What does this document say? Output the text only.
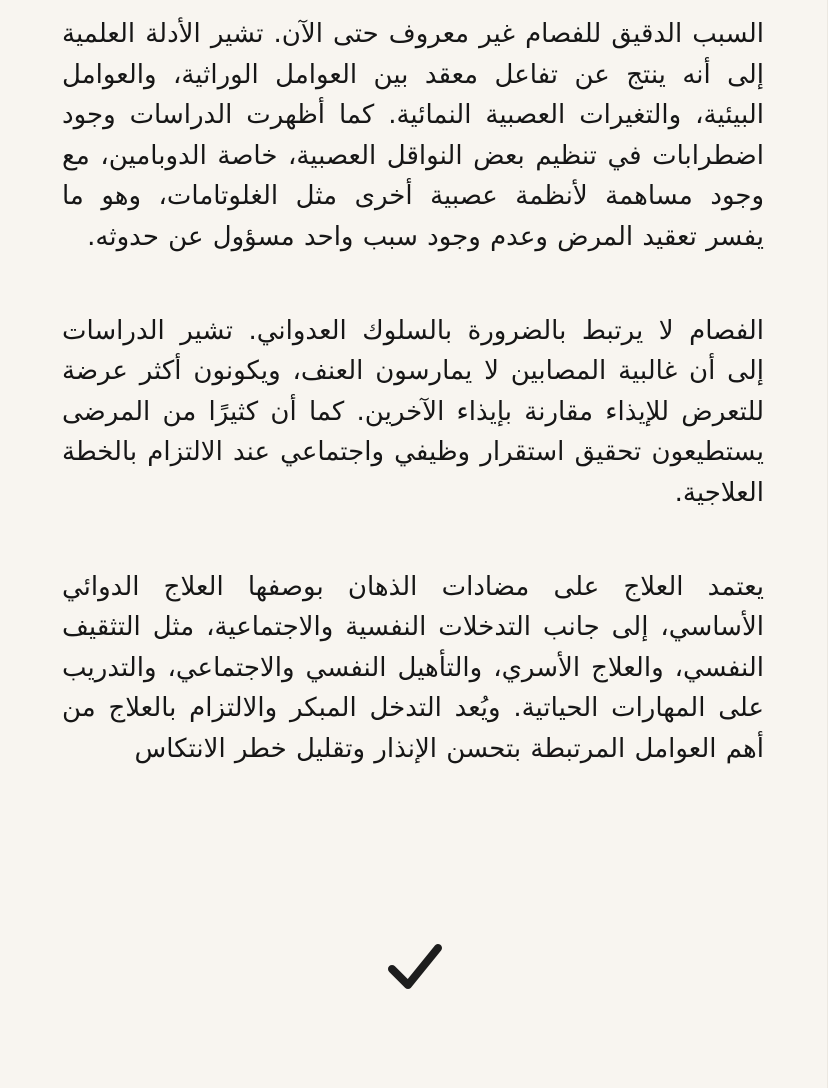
السبب الدقيق للفصام غير معروف حتى الآن. تشير الأدلة العلمية إلى أنه ينتج عن تفاعل معقد بين العوامل الوراثية، والعوامل البيئية، والتغيرات العصبية النمائية. كما أظهرت الدراسات وجود اضطرابات في تنظيم بعض النواقل العصبية، خاصة الدوبامين، مع وجود مساهمة لأنظمة عصبية أخرى مثل الغلوتامات، وهو ما يفسر تعقيد المرض وعدم وجود سبب واحد مسؤول عن حدوثه.

الفصام لا يرتبط بالضرورة بالسلوك العدواني. تشير الدراسات إلى أن غالبية المصابين لا يمارسون العنف، ويكونون أكثر عرضة للتعرض للإيذاء مقارنة بإيذاء الآخرين. كما أن كثيرًا من المرضى يستطيعون تحقيق استقرار وظيفي واجتماعي عند الالتزام بالخطة العلاجية.

يعتمد العلاج على مضادات الذهان بوصفها العلاج الدوائي الأساسي، إلى جانب التدخلات النفسية والاجتماعية، مثل التثقيف النفسي، والعلاج الأسري، والتأهيل النفسي والاجتماعي، والتدريب على المهارات الحياتية. ويُعد التدخل المبكر والالتزام بالعلاج من أهم العوامل المرتبطة بتحسن الإنذار وتقليل خطر الانتكاس
